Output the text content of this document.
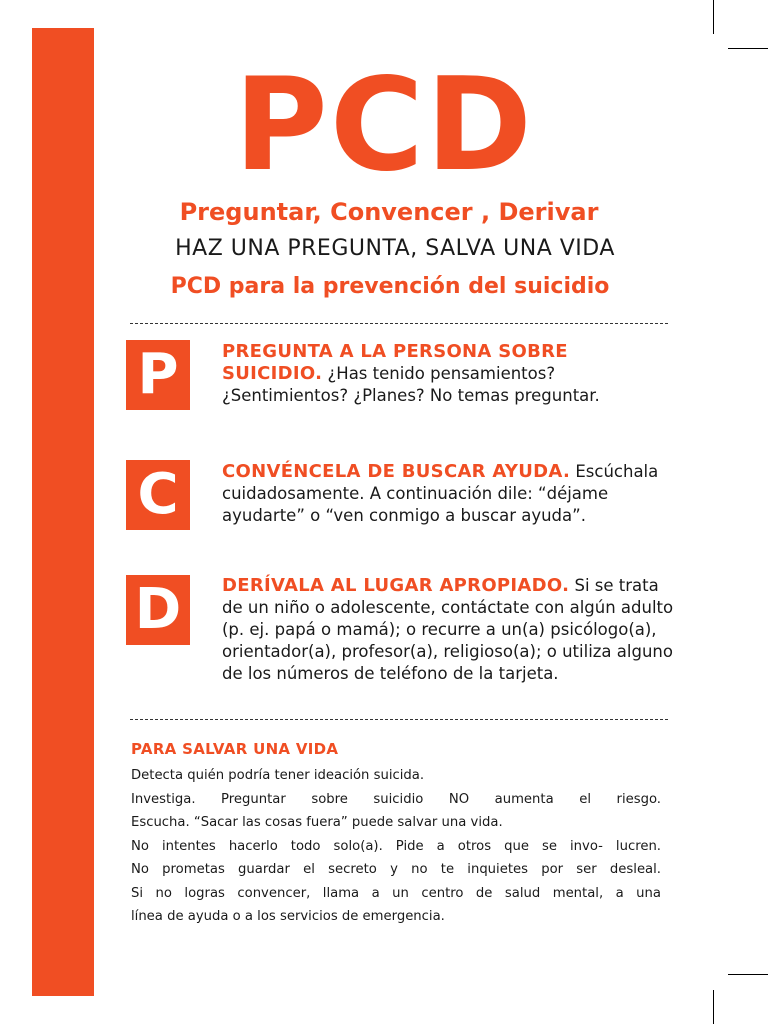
PCD
Preguntar, Convencer , Derivar
HAZ UNA PREGUNTA, SALVA UNA VIDA
PCD para la prevención del suicidio
P	PREGUNTA A LA PERSONA SOBRE SUICIDIO. ¿Has tenido pensamientos? ¿Sentimientos? ¿Planes? No temas preguntar.
C	CONVÉNCELA DE BUSCAR AYUDA. Escúchala cuidadosamente. A continuación dile: “déjame ayudarte” o “ven conmigo a buscar ayuda”.
D	DERÍVALA AL LUGAR APROPIADO. Si se trata de un niño o adolescente, contáctate con algún adulto (p. ej. papá o mamá); o recurre a un(a) psicólogo(a), orientador(a), profesor(a), religioso(a); o utiliza alguno de los números de teléfono de la tarjeta.
PARA SALVAR UNA VIDA
Detecta quién podría tener ideación suicida.
Investiga. Preguntar sobre suicidio NO aumenta el riesgo.
Escucha. “Sacar las cosas fuera” puede salvar una vida.
No intentes hacerlo todo solo(a). Pide a otros que se invo- lucren.
No prometas guardar el secreto y no te inquietes por ser desleal.
Si no logras convencer, llama a un centro de salud mental, a una
línea de ayuda o a los servicios de emergencia.
